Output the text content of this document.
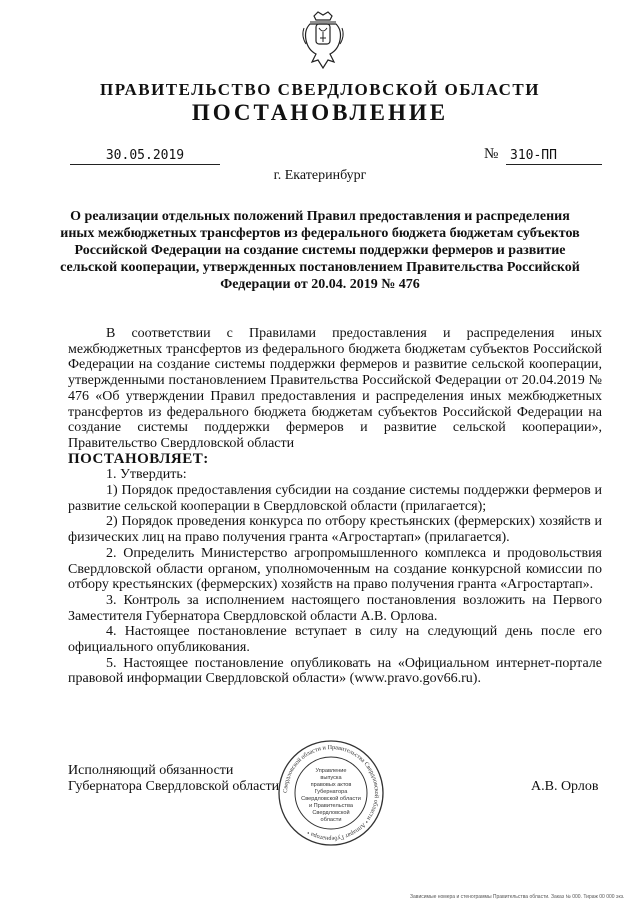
ПРАВИТЕЛЬСТВО СВЕРДЛОВСКОЙ ОБЛАСТИ
ПОСТАНОВЛЕНИЕ
30.05.2019	№ 310-ПП
г. Екатеринбург
О реализации отдельных положений Правил предоставления и распределения иных межбюджетных трансфертов из федерального бюджета бюджетам субъектов Российской Федерации на создание системы поддержки фермеров и развитие сельской кооперации, утвержденных постановлением Правительства Российской Федерации от 20.04. 2019 № 476

В соответствии с Правилами предоставления и распределения иных межбюджетных трансфертов из федерального бюджета бюджетам субъектов Российской Федерации на создание системы поддержки фермеров и развитие сельской кооперации, утвержденными постановлением Правительства Российской Федерации от 20.04.2019 № 476 «Об утверждении Правил предоставления и распределения иных межбюджетных трансфертов из федерального бюджета бюджетам субъектов Российской Федерации на создание системы поддержки фермеров и развитие сельской кооперации», Правительство Свердловской области

ПОСТАНОВЛЯЕТ:

1. Утвердить:

1) Порядок предоставления субсидии на создание системы поддержки фермеров и развитие сельской кооперации в Свердловской области (прилагается);

2) Порядок проведения конкурса по отбору крестьянских (фермерских) хозяйств и физических лиц на право получения гранта «Агростартап» (прилагается).

2. Определить Министерство агропромышленного комплекса и продовольствия Свердловской области органом, уполномоченным на создание конкурсной комиссии по отбору крестьянских (фермерских) хозяйств на право получения гранта «Агростартап».

3. Контроль за исполнением настоящего постановления возложить на Первого Заместителя Губернатора Свердловской области А.В. Орлова.

4. Настоящее постановление вступает в силу на следующий день после его официального опубликования.

5. Настоящее постановление опубликовать на «Официальном интернет-портале правовой информации Свердловской области» (www.pravo.gov66.ru).

Исполняющий обязанности
Губернатора Свердловской области	А.В. Орлов
Свердловской области и Правительства Свердловской области • Аппарат Губернатора •
Управление
выпуска
правовых актов
Губернатора
Свердловской области
и Правительства
Свердловской
области
Зависимые номера и стенограммы Правительства области. Заказ № 000. Тираж 00 000 экз.
